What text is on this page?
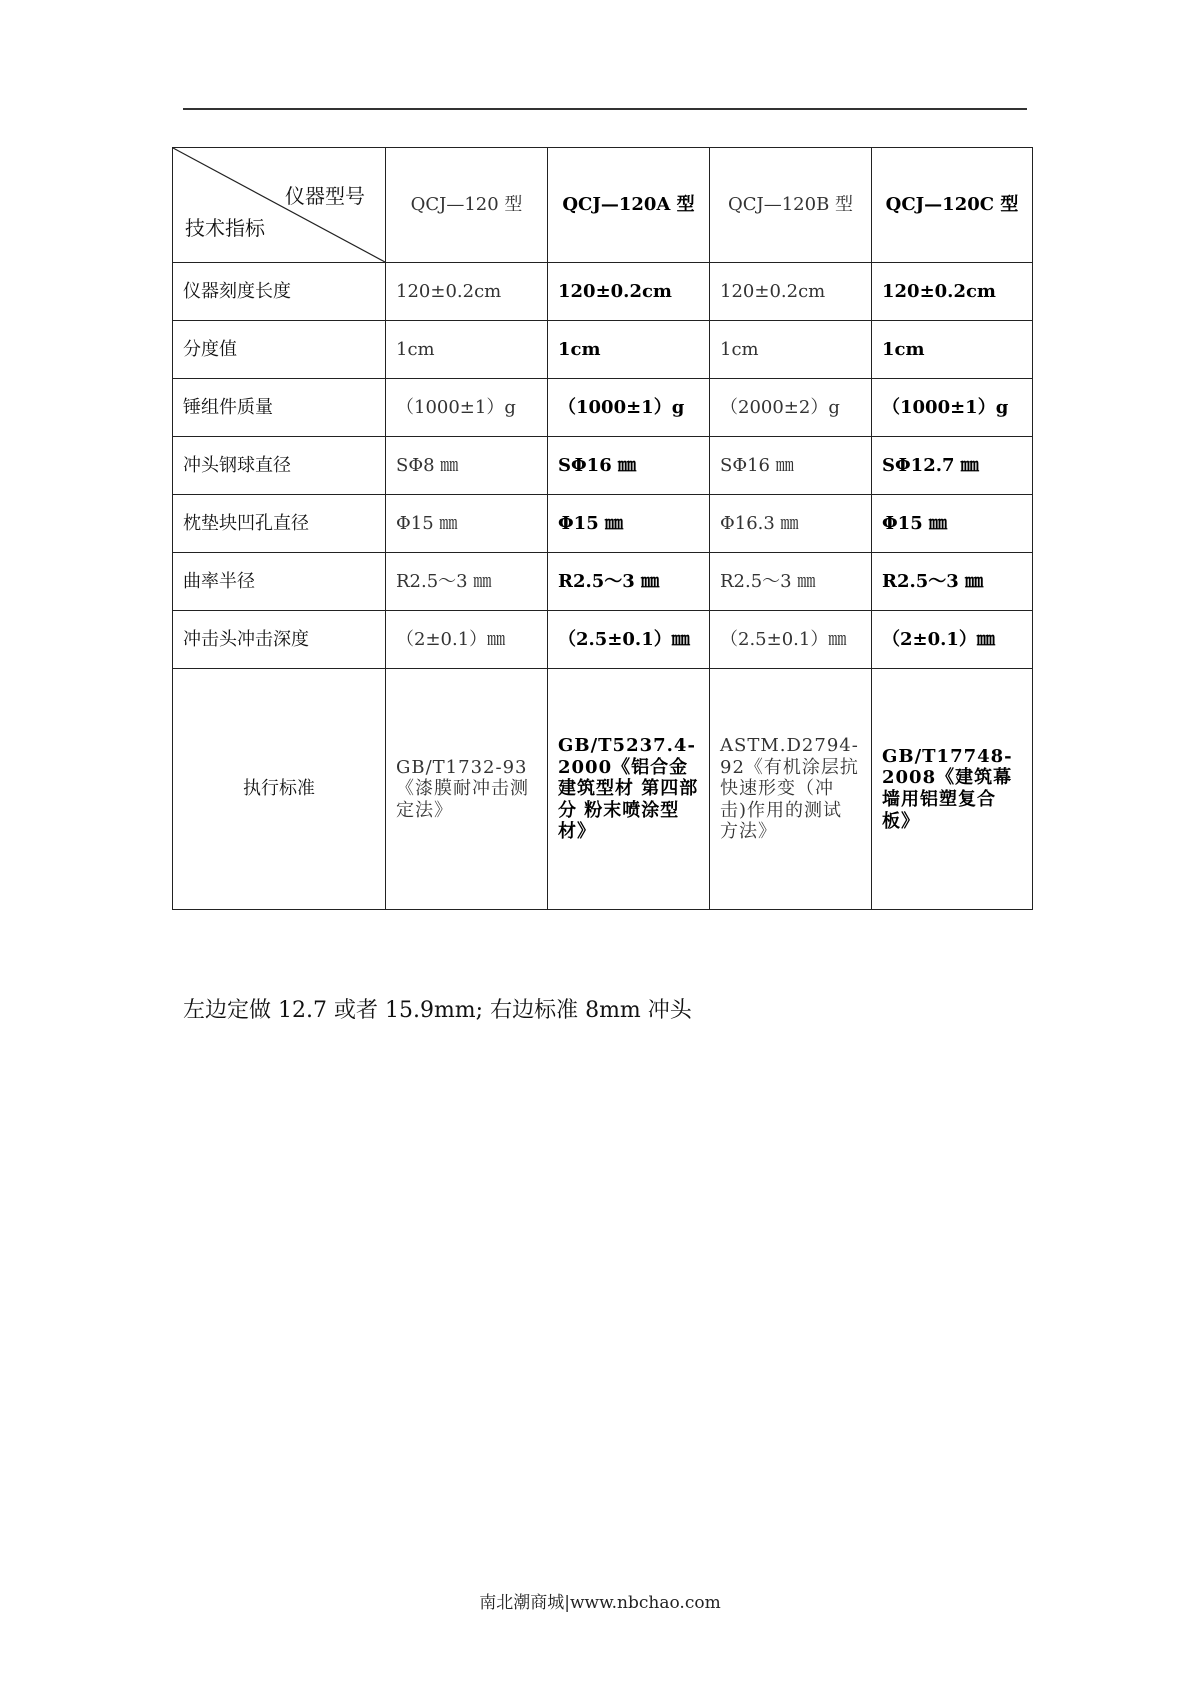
仪器型号
技术指标	QCJ—120 型	QCJ—120A 型	QCJ—120B 型	QCJ—120C 型
仪器刻度长度	120±0.2cm	120±0.2cm	120±0.2cm	120±0.2cm
分度值	1cm	1cm	1cm	1cm
锤组件质量	（1000±1）g	（1000±1）g	（2000±2）g	（1000±1）g
冲头钢球直径	SΦ8 ㎜	SΦ16 ㎜	SΦ16 ㎜	SΦ12.7 ㎜
枕垫块凹孔直径	Φ15 ㎜	Φ15 ㎜	Φ16.3 ㎜	Φ15 ㎜
曲率半径	R2.5～3 ㎜	R2.5～3 ㎜	R2.5～3 ㎜	R2.5～3 ㎜
冲击头冲击深度	（2±0.1）㎜	（2.5±0.1）㎜	（2.5±0.1）㎜	（2±0.1）㎜
执行标准	GB/T1732-93《漆膜耐冲击测定法》	GB/T5237.4-2000《铝合金建筑型材 第四部分 粉末喷涂型材》	ASTM.D2794-92《有机涂层抗快速形变（冲击)作用的测试方法》	GB/T17748-2008《建筑幕墙用铝塑复合板》
左边定做 12.7 或者 15.9mm; 右边标准 8mm 冲头
南北潮商城|www.nbchao.com
